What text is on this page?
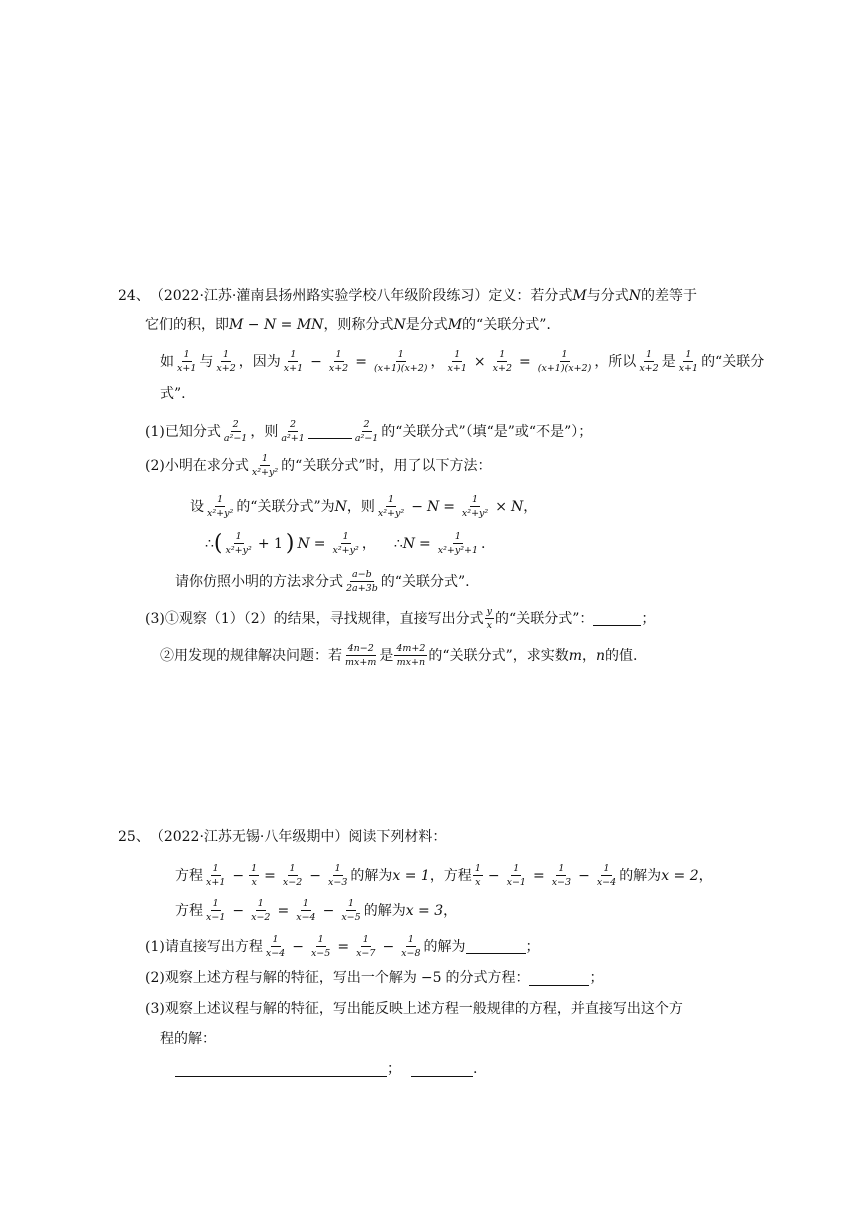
24、 （2022·江苏·灌南县扬州路实验学校八年级阶段练习） 定义：若分式 M 与分式 N 的差等于
它们的积，即 M − N = MN ，则称分式 N 是分式 M 的“关联分式”.
如 $\frac{1}{x+1}$ 与 $\frac{1}{x+2}$ ，因为 $\frac{1}{x+1} - \frac{1}{x+2} = \frac{1}{(x+1)(x+2)}$ ， $\frac{1}{x+1} \times \frac{1}{x+2} = \frac{1}{(x+1)(x+2)}$ ，所以 $\frac{1}{x+2}$ 是 $\frac{1}{x+1}$ 的“关联分
式”.
(1)已知分式 $\frac{2}{\text{a²−1}}$ ，则 $\frac{2}{\text{a²+1}}$	$\frac{2}{\text{a²−1}}$ 的“关联分式”（填“是”或“不是”）；
(2)小明在求分式 $\frac{1}{\text{x²+y²}}$ 的“关联分式”时，用了以下方法：
设 $\frac{1}{\text{x²+y²}}$ 的“关联分式”为 N ，则 $\frac{1}{\text{x²+y²}} - N = \frac{1}{\text{x²+y²}} \times N$ ，
∴ ( $\frac{1}{\text{x²+y²}} + 1$ ) $N = \frac{1}{\text{x²+y²}}$ ， ∴ $N = \frac{1}{\text{x²+y²+1}}$ .
请你仿照小明的方法求分式 $\frac{a-b}{2a+3b}$ 的“关联分式”.
(3)①观察（1）（2）的结果，寻找规律，直接写出分式 $\frac{y}{x}$ 的“关联分式”：	；
②用发现的规律解决问题：若 $\frac{4n-2}{mx+m}$ 是 $\frac{4m+2}{mx+n}$ 的“关联分式”，求实数 m ， n 的值.
25、 （2022·江苏无锡·八年级期中） 阅读下列材料：
方程 $\frac{1}{x+1} - \frac{1}{x} = \frac{1}{x-2} - \frac{1}{x-3}$ 的解为 x = 1 ， 方程 $\frac{1}{x} - \frac{1}{x-1} = \frac{1}{x-3} - \frac{1}{x-4}$ 的解为 x = 2 ，
方程 $\frac{1}{x-1} - \frac{1}{x-2} = \frac{1}{x-4} - \frac{1}{x-5}$ 的解为 x = 3 ，
(1)请直接写出方程 $\frac{1}{x-4} - \frac{1}{x-5} = \frac{1}{x-7} - \frac{1}{x-8}$ 的解为	；
(2)观察上述方程与解的特征，写出一个解为 −5 的分式方程：	；
(3)观察上述议程与解的特征，写出能反映上述方程一般规律的方程，并直接写出这个方
程的解：
；	.
